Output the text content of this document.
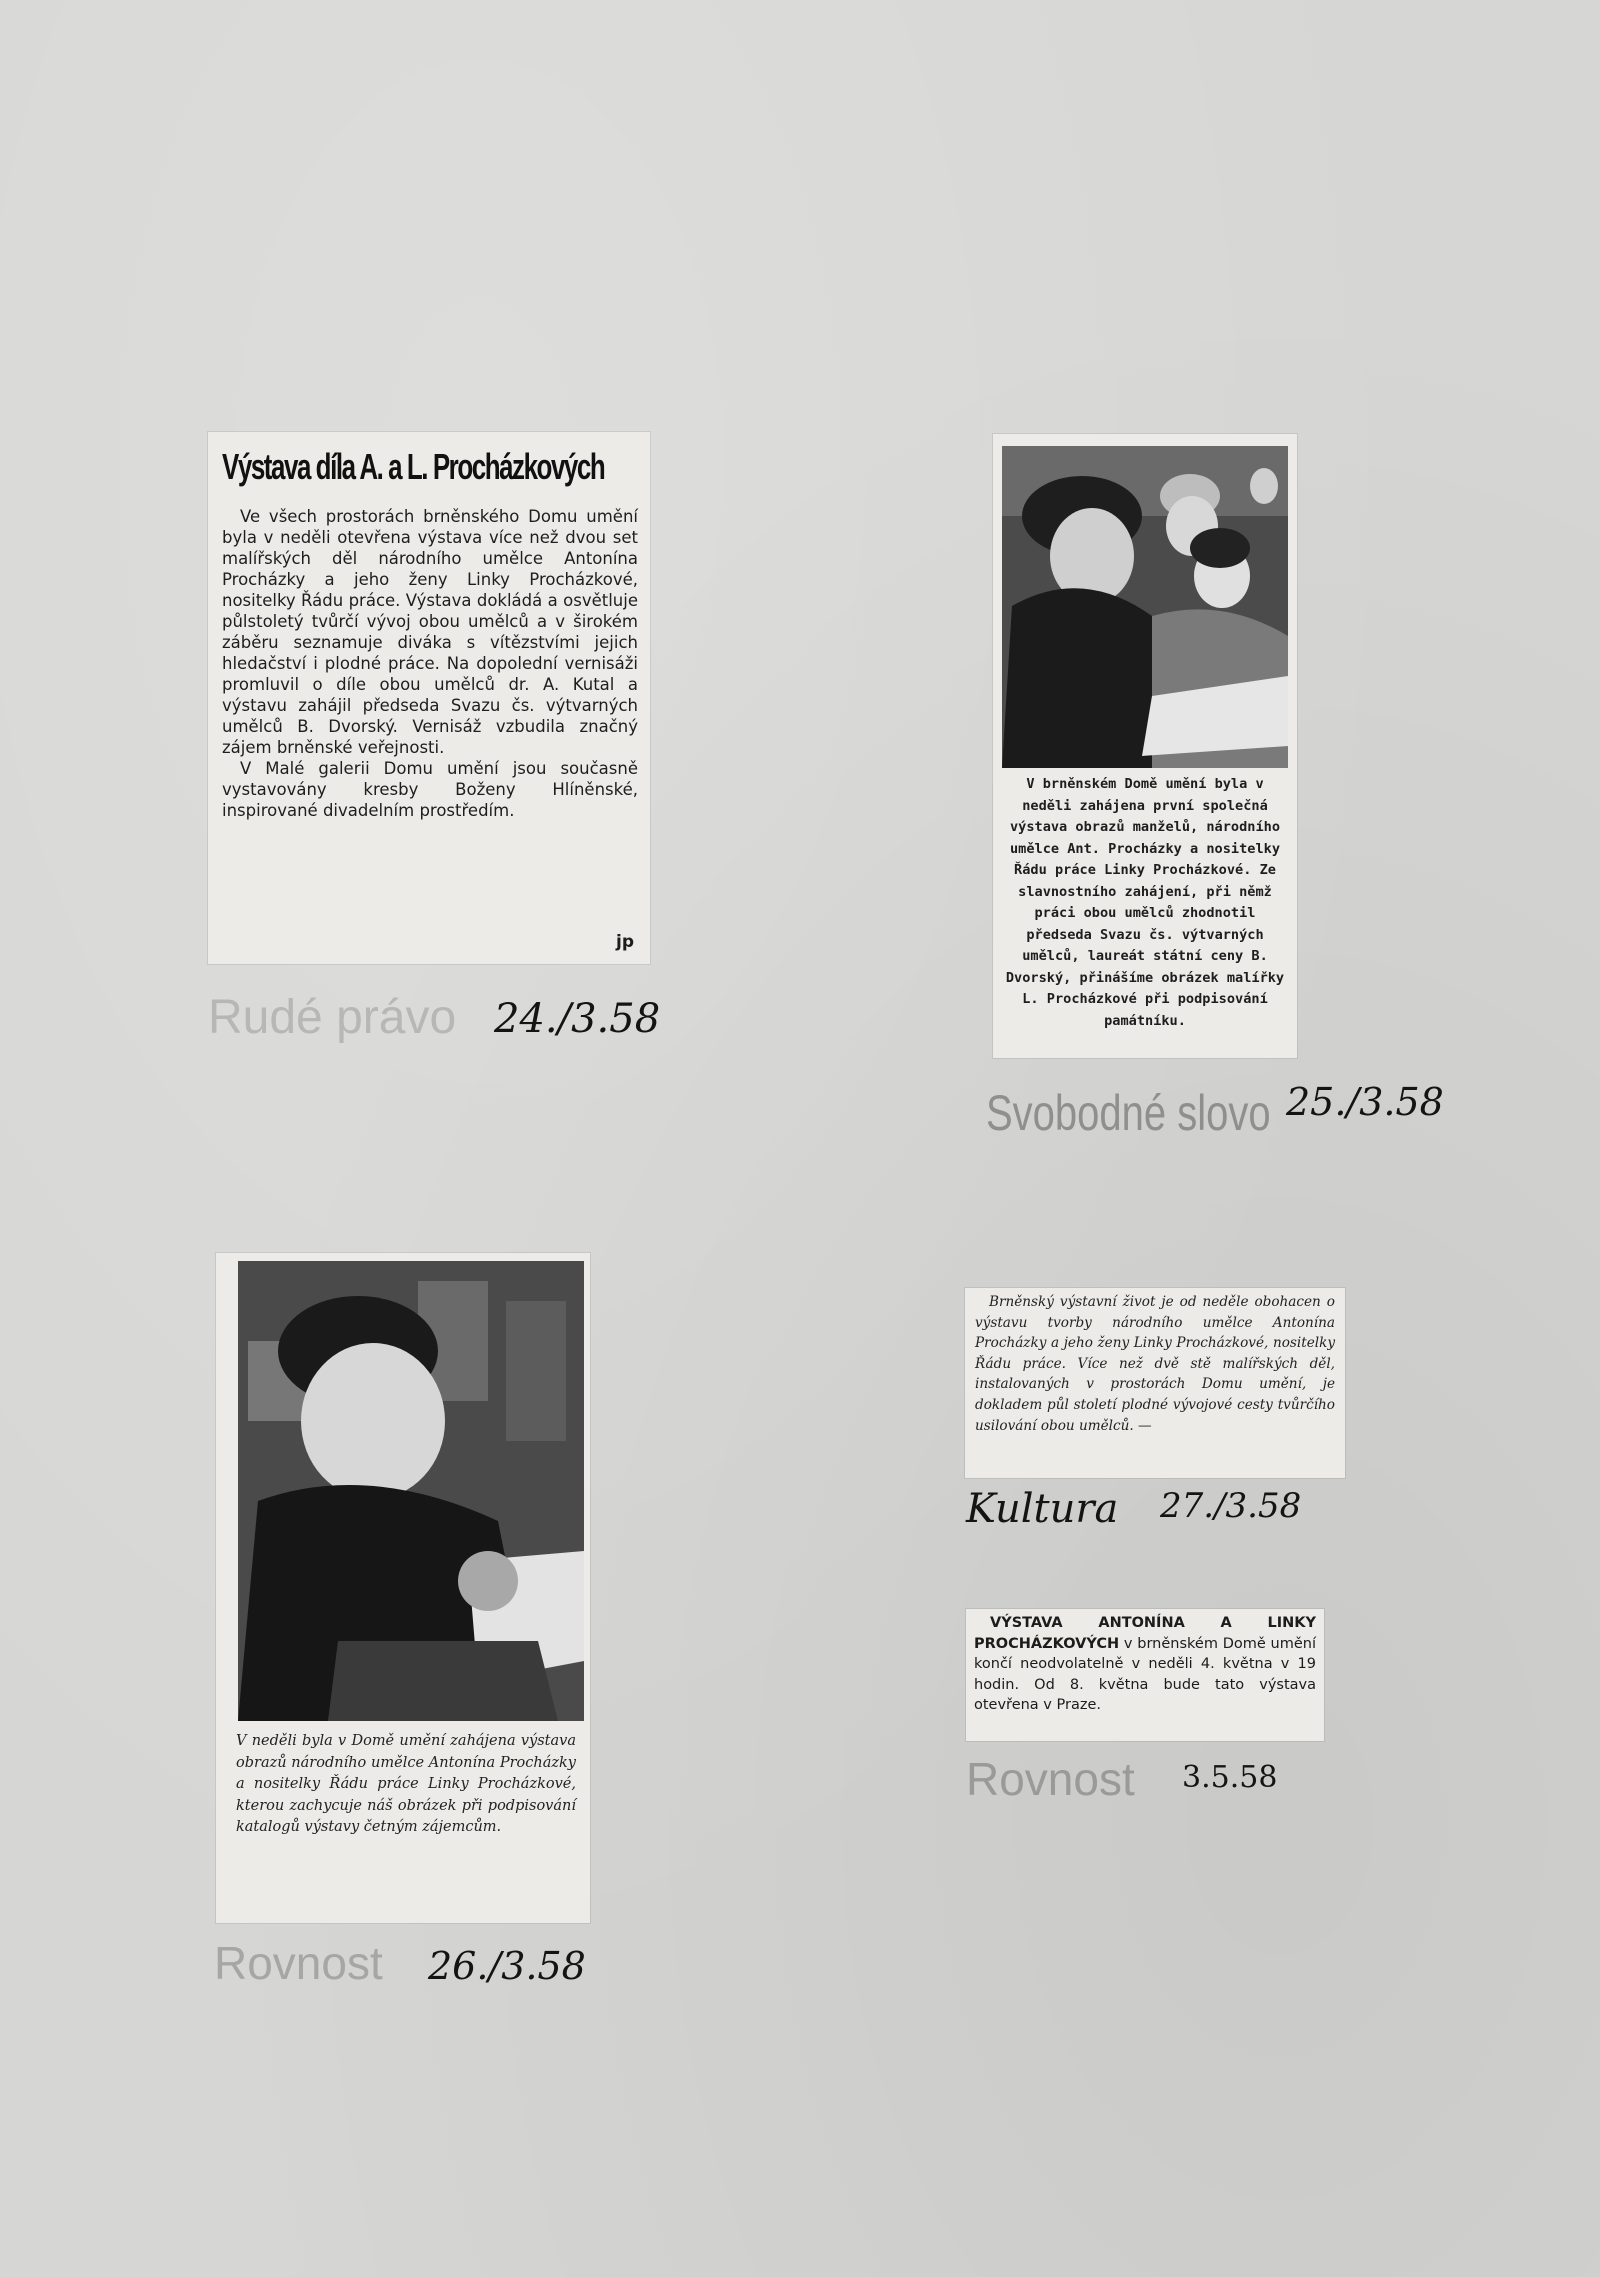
Výstava díla A. a L. Procházkových

Ve všech prostorách brněnského Domu umění byla v neděli otevřena výstava více než dvou set malířských děl národního umělce Antonína Procházky a jeho ženy Linky Procházkové, nositelky Řádu práce. Výstava dokládá a osvětluje půlstoletý tvůrčí vývoj obou umělců a v širokém záběru seznamuje diváka s vítězstvími jejich hledačství i plodné práce. Na dopolední vernisáži promluvil o díle obou umělců dr. A. Kutal a výstavu zahájil předseda Svazu čs. výtvarných umělců B. Dvorský. Vernisáž vzbudila značný zájem brněnské veřejnosti.

V Malé galerii Domu umění jsou současně vystavovány kresby Boženy Hlíněnské, inspirované divadelním prostředím.

jp
Rudé právo 24./3.58

V brněnském Domě umění byla v neděli zahájena první společná výstava obrazů manželů, národního umělce Ant. Procházky a nositelky Řádu práce Linky Procházkové. Ze slavnostního zahájení, při němž práci obou umělců zhodnotil předseda Svazu čs. výtvarných umělců, laureát státní ceny B. Dvorský, přinášíme obrázek malířky L. Procházkové při podpisování památníku.

Svobodné slovo 25./3.58

V neděli byla v Domě umění zahájena výstava obrazů národního umělce Antonína Procházky a nositelky Řádu práce Linky Procházkové, kterou zachycuje náš obrázek při podpisování katalogů výstavy četným zájemcům.

Rovnost 26./3.58

Brněnský výstavní život je od neděle obohacen o výstavu tvorby národního umělce Antonína Procházky a jeho ženy Linky Procházkové, nositelky Řádu práce. Více než dvě stě malířských děl, instalovaných v prostorách Domu umění, je dokladem půl století plodné vývojové cesty tvůrčího usilování obou umělců. —

Kultura 27./3.58

VÝSTAVA ANTONÍNA A LINKY PROCHÁZKOVÝCH v brněnském Domě umění končí neodvolatelně v neděli 4. května v 19 hodin. Od 8. května bude tato výstava otevřena v Praze.

Rovnost 3.5.58
